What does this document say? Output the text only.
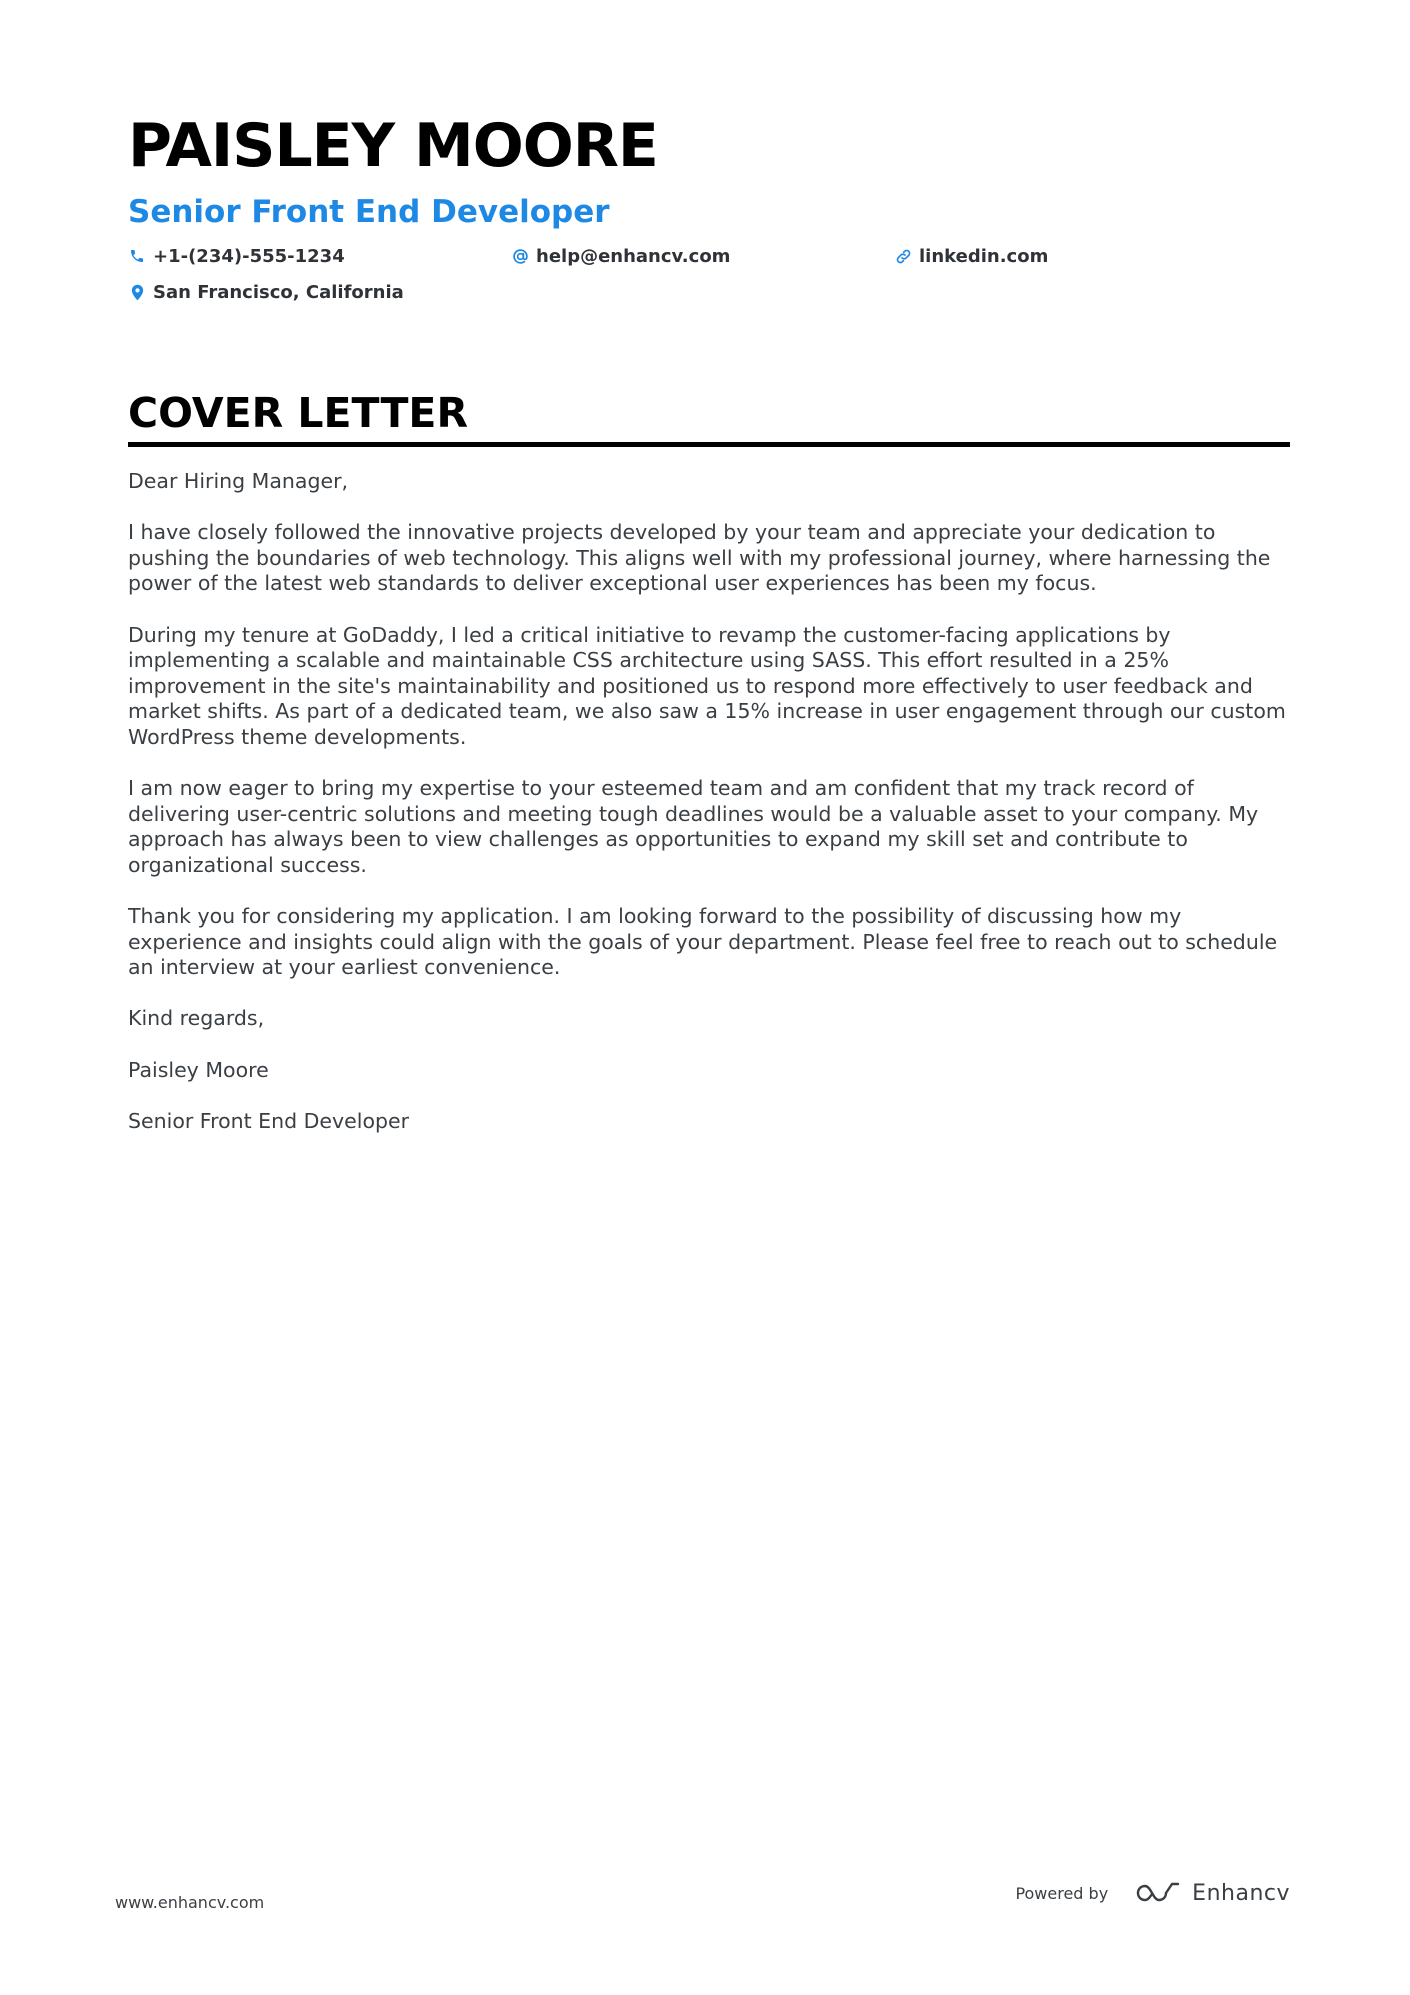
PAISLEY MOORE
Senior Front End Developer
+1-(234)-555-1234	help@enhancv.com	linkedin.com
San Francisco, California
COVER LETTER

Dear Hiring Manager,

I have closely followed the innovative projects developed by your team and appreciate your dedication to pushing the boundaries of web technology. This aligns well with my professional journey, where harnessing the power of the latest web standards to deliver exceptional user experiences has been my focus.

During my tenure at GoDaddy, I led a critical initiative to revamp the customer-facing applications by implementing a scalable and maintainable CSS architecture using SASS. This effort resulted in a 25% improvement in the site's maintainability and positioned us to respond more effectively to user feedback and market shifts. As part of a dedicated team, we also saw a 15% increase in user engagement through our custom WordPress theme developments.

I am now eager to bring my expertise to your esteemed team and am confident that my track record of delivering user-centric solutions and meeting tough deadlines would be a valuable asset to your company. My approach has always been to view challenges as opportunities to expand my skill set and contribute to organizational success.

Thank you for considering my application. I am looking forward to the possibility of discussing how my experience and insights could align with the goals of your department. Please feel free to reach out to schedule an interview at your earliest convenience.

Kind regards,

Paisley Moore

Senior Front End Developer

www.enhancv.com	Powered by	Enhancv
